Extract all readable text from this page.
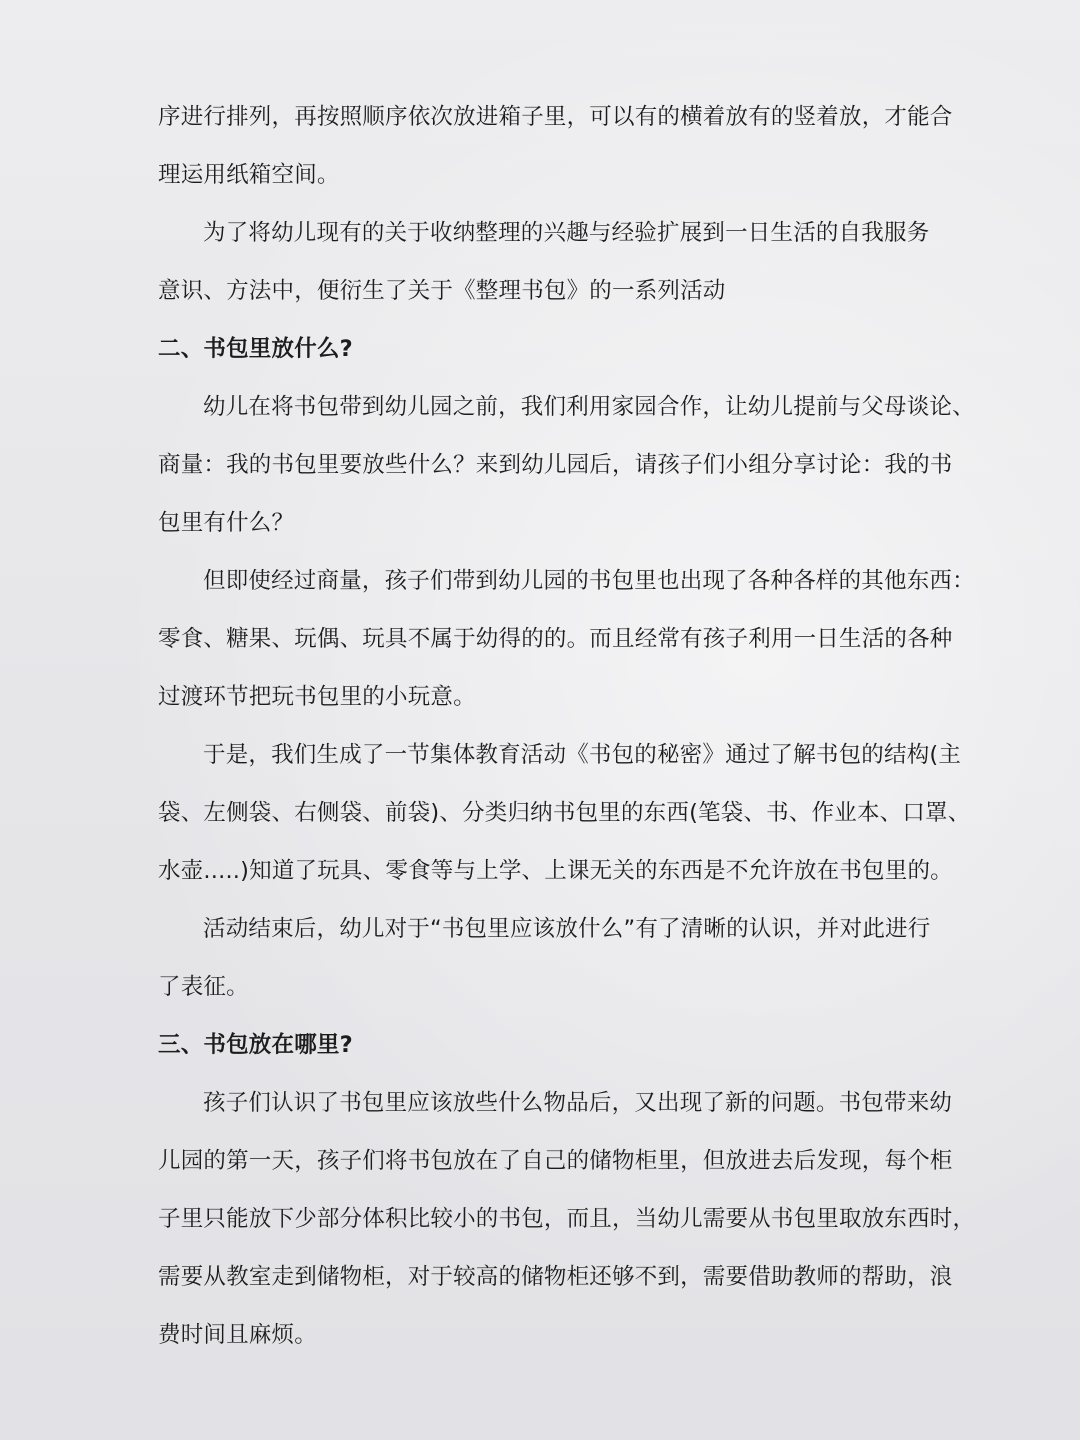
序进行排列，再按照顺序依次放进箱子里，可以有的横着放有的竖着放，才能合
理运用纸箱空间。
为了将幼儿现有的关于收纳整理的兴趣与经验扩展到一日生活的自我服务
意识、方法中，便衍生了关于《整理书包》的一系列活动
二、书包里放什么?
幼儿在将书包带到幼儿园之前，我们利用家园合作，让幼儿提前与父母谈论、
商量：我的书包里要放些什么？来到幼儿园后，请孩子们小组分享讨论：我的书
包里有什么？
但即使经过商量，孩子们带到幼儿园的书包里也出现了各种各样的其他东西：
零食、糖果、玩偶、玩具不属于幼得的的。而且经常有孩子利用一日生活的各种
过渡环节把玩书包里的小玩意。
于是，我们生成了一节集体教育活动《书包的秘密》通过了解书包的结构(主
袋、左侧袋、右侧袋、前袋)、分类归纳书包里的东西(笔袋、书、作业本、口罩、
水壶.....)知道了玩具、零食等与上学、上课无关的东西是不允许放在书包里的。
活动结束后，幼儿对于“书包里应该放什么”有了清晰的认识，并对此进行
了表征。
三、书包放在哪里?
孩子们认识了书包里应该放些什么物品后，又出现了新的问题。书包带来幼
儿园的第一天，孩子们将书包放在了自己的储物柜里，但放进去后发现，每个柜
子里只能放下少部分体积比较小的书包，而且，当幼儿需要从书包里取放东西时，
需要从教室走到储物柜，对于较高的储物柜还够不到，需要借助教师的帮助，浪
费时间且麻烦。
